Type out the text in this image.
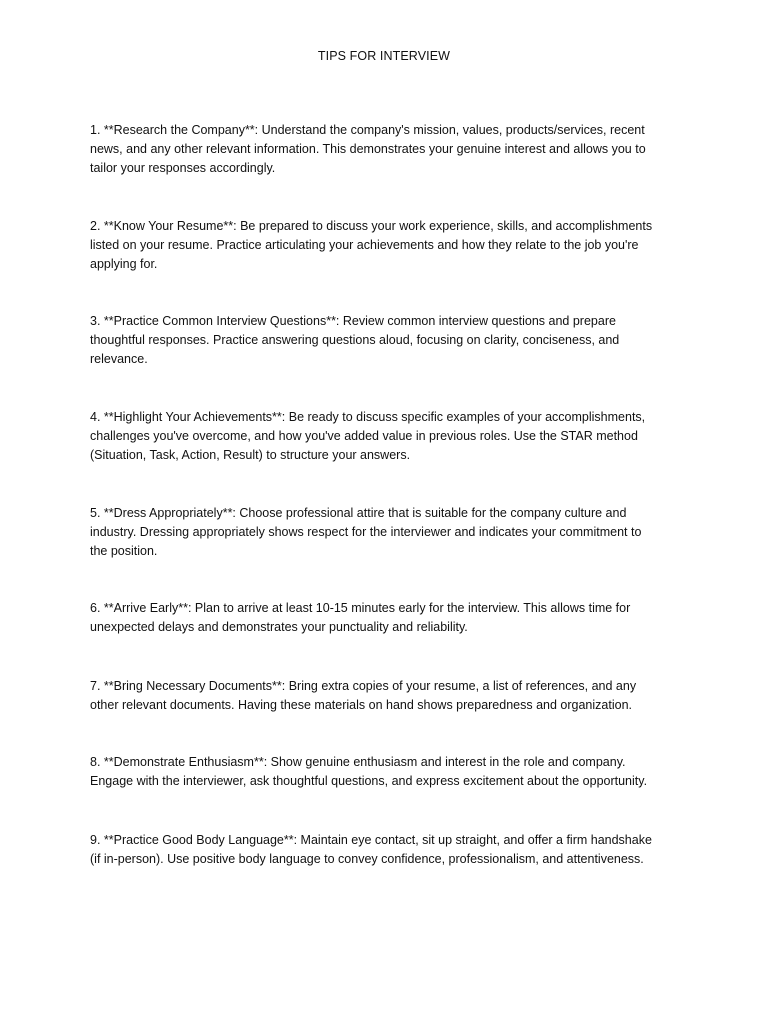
TIPS FOR INTERVIEW
1. **Research the Company**: Understand the company's mission, values, products/services, recent
news, and any other relevant information. This demonstrates your genuine interest and allows you to
tailor your responses accordingly.
2. **Know Your Resume**: Be prepared to discuss your work experience, skills, and accomplishments
listed on your resume. Practice articulating your achievements and how they relate to the job you're
applying for.
3. **Practice Common Interview Questions**: Review common interview questions and prepare
thoughtful responses. Practice answering questions aloud, focusing on clarity, conciseness, and
relevance.
4. **Highlight Your Achievements**: Be ready to discuss specific examples of your accomplishments,
challenges you've overcome, and how you've added value in previous roles. Use the STAR method
(Situation, Task, Action, Result) to structure your answers.
5. **Dress Appropriately**: Choose professional attire that is suitable for the company culture and
industry. Dressing appropriately shows respect for the interviewer and indicates your commitment to
the position.
6. **Arrive Early**: Plan to arrive at least 10-15 minutes early for the interview. This allows time for
unexpected delays and demonstrates your punctuality and reliability.
7. **Bring Necessary Documents**: Bring extra copies of your resume, a list of references, and any
other relevant documents. Having these materials on hand shows preparedness and organization.
8. **Demonstrate Enthusiasm**: Show genuine enthusiasm and interest in the role and company.
Engage with the interviewer, ask thoughtful questions, and express excitement about the opportunity.
9. **Practice Good Body Language**: Maintain eye contact, sit up straight, and offer a firm handshake
(if in-person). Use positive body language to convey confidence, professionalism, and attentiveness.
